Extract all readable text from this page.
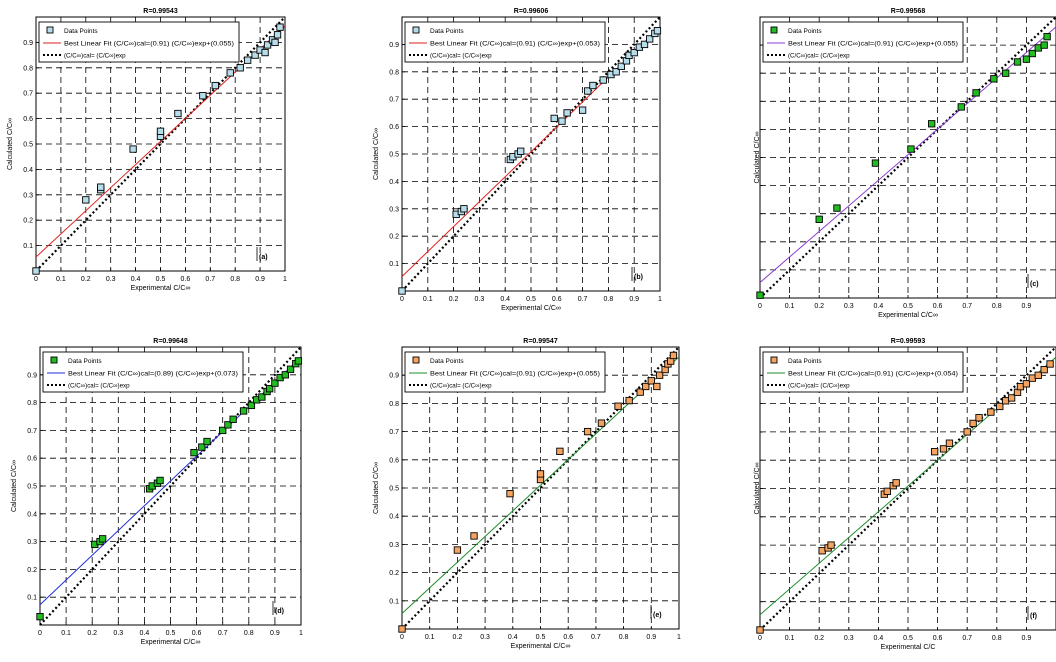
0	0.1 0.2 0.3 0.4 0.5 0.6 0.7 0.8 0.9	1
0.1
0.2
0.3
0.4
0.5
0.6
0.7
0.8
0.9
R=0.99543
Experimental C/C∞
Calculated C/C∞
(a)
Data Points
Best Linear Fit (C/C∞)cal=(0.91) (C/C∞)exp+(0.055)
(C/C∞)cal= (C/C∞)exp
0	0.1 0.2 0.3 0.4 0.5 0.6 0.7 0.8 0.9	1
0.1
0.2
0.3
0.4
0.5
0.6
0.7
0.8
0.9
R=0.99606
Experimental C/C∞
Calculated C/C∞
(b)
Data Points
Best Linear Fit (C/C∞)cal=(0.91) (C/C∞)exp+(0.053)
(C/C∞)cal= (C/C∞)exp
0	0.1	0.2	0.3	0.4	0.5	0.6	0.7	0.8	0.9
R=0.99568
Experimental C/C∞
Calculated C/C∞
(c)
Data Points
Best Linear Fit (C/C∞)cal=(0.91) (C/C∞)exp+(0.055)
(C/C∞)cal= (C/C∞)exp
0	0.1 0.2 0.3 0.4 0.5 0.6 0.7 0.8 0.9	1
0.1
0.2
0.3
0.4
0.5
0.6
0.7
0.8
0.9
R=0.99648
Experimental C/C∞
Calculated C/C∞
(d)
Data Points
Best Linear Fit (C/C∞)cal=(0.89) (C/C∞)exp+(0.073)
(C/C∞)cal= (C/C∞)exp
0	0.1	0.2	0.3	0.4	0.5	0.6	0.7	0.8	0.9	1
0.1
0.2
0.3
0.4
0.5
0.6
0.7
0.8
0.9
R=0.99547
Experimental C/C∞
Calculated C/C∞
(e)
Data Points
Best Linear Fit (C/C∞)cal=(0.91) (C/C∞)exp+(0.055)
(C/C∞)cal= (C/C∞)exp
0	0.1	0.2	0.3	0.4	0.5	0.6	0.7	0.8	0.9
R=0.99593
Experimental C/C
Calculated C/C∞
(f)
Data Points
Best Linear Fit (C/C∞)cal=(0.91) (C/C∞)exp+(0.054)
(C/C∞)cal= (C/C∞)exp
